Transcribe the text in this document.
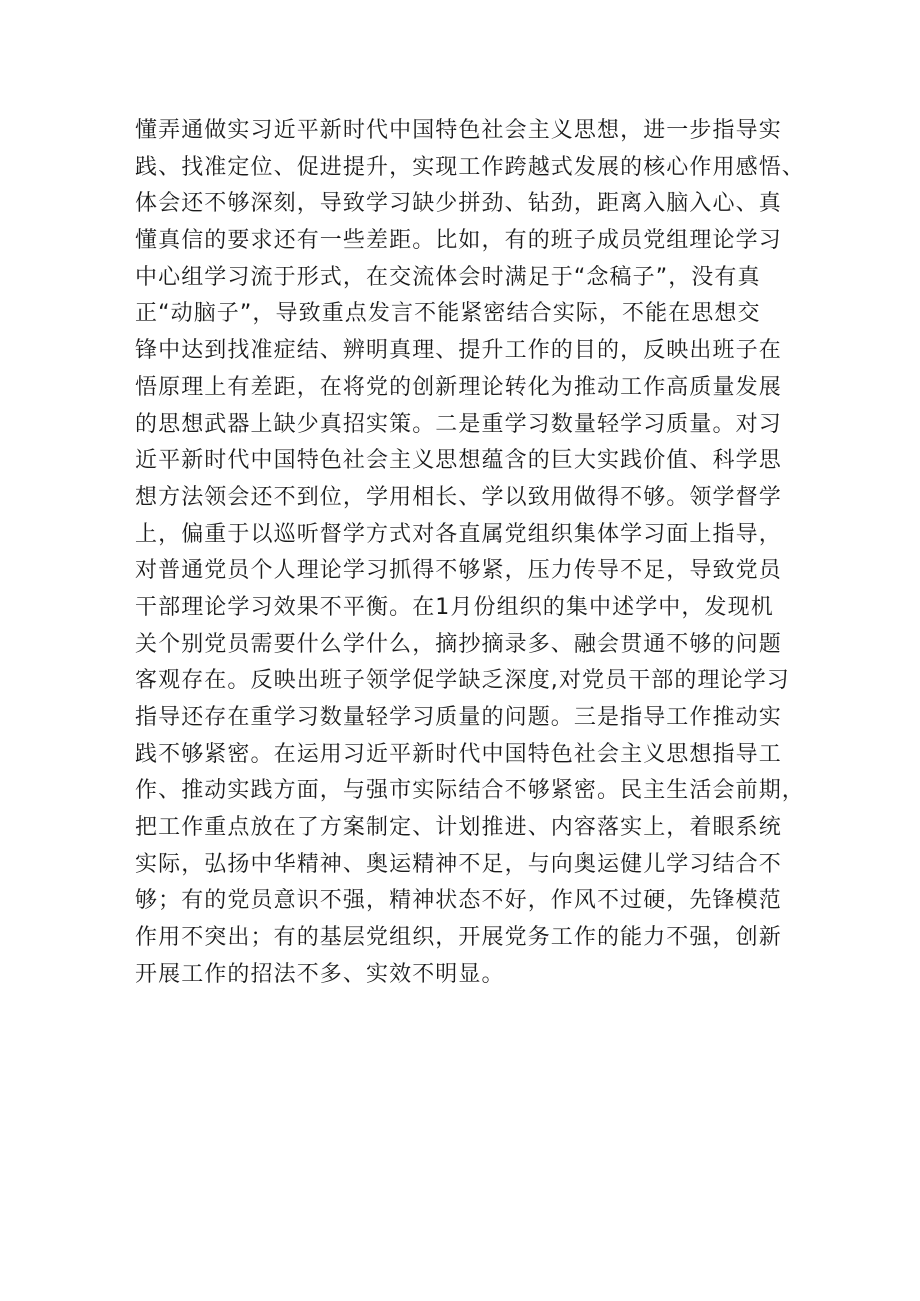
懂弄通做实习近平新时代中国特色社会主义思想，进一步指导实
践、找准定位、促进提升，实现工作跨越式发展的核心作用感悟、
体会还不够深刻，导致学习缺少拼劲、钻劲，距离入脑入心、真
懂真信的要求还有一些差距。比如，有的班子成员党组理论学习
中心组学习流于形式，在交流体会时满足于“念稿子”，没有真
正“动脑子”，导致重点发言不能紧密结合实际，不能在思想交
锋中达到找准症结、辨明真理、提升工作的目的，反映出班子在
悟原理上有差距，在将党的创新理论转化为推动工作高质量发展
的思想武器上缺少真招实策。二是重学习数量轻学习质量。对习
近平新时代中国特色社会主义思想蕴含的巨大实践价值、科学思
想方法领会还不到位，学用相长、学以致用做得不够。领学督学
上，偏重于以巡听督学方式对各直属党组织集体学习面上指导，
对普通党员个人理论学习抓得不够紧，压力传导不足，导致党员
干部理论学习效果不平衡。在1月份组织的集中述学中，发现机
关个别党员需要什么学什么，摘抄摘录多、融会贯通不够的问题
客观存在。反映出班子领学促学缺乏深度,对党员干部的理论学习
指导还存在重学习数量轻学习质量的问题。三是指导工作推动实
践不够紧密。在运用习近平新时代中国特色社会主义思想指导工
作、推动实践方面，与强市实际结合不够紧密。民主生活会前期，
把工作重点放在了方案制定、计划推进、内容落实上，着眼系统
实际，弘扬中华精神、奥运精神不足，与向奥运健儿学习结合不
够；有的党员意识不强，精神状态不好，作风不过硬，先锋模范
作用不突出；有的基层党组织，开展党务工作的能力不强，创新
开展工作的招法不多、实效不明显。
